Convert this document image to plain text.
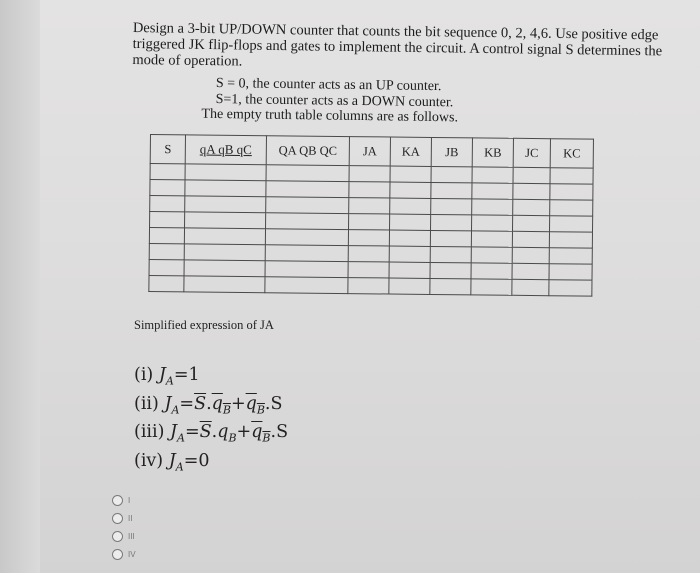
Design a 3-bit UP/DOWN counter that counts the bit sequence 0, 2, 4,6. Use positive edge triggered JK flip-flops and gates to implement the circuit. A control signal S determines the mode of operation.

S = 0, the counter acts as an UP counter.
S=1, the counter acts as a DOWN counter.
The empty truth table columns are as follows.
S	qA qB qC	QA QB QC	JA	KA	JB	KB	JC	KC

Simplified expression of JA
(i) $J_A=1$
(ii) $J_A=\overline{S}.q_B+q_B.S$
(iii) $J_A=\overline{S}.q_B+q_B.S$
(iv) $J_A=0$
I
II
III
IV
